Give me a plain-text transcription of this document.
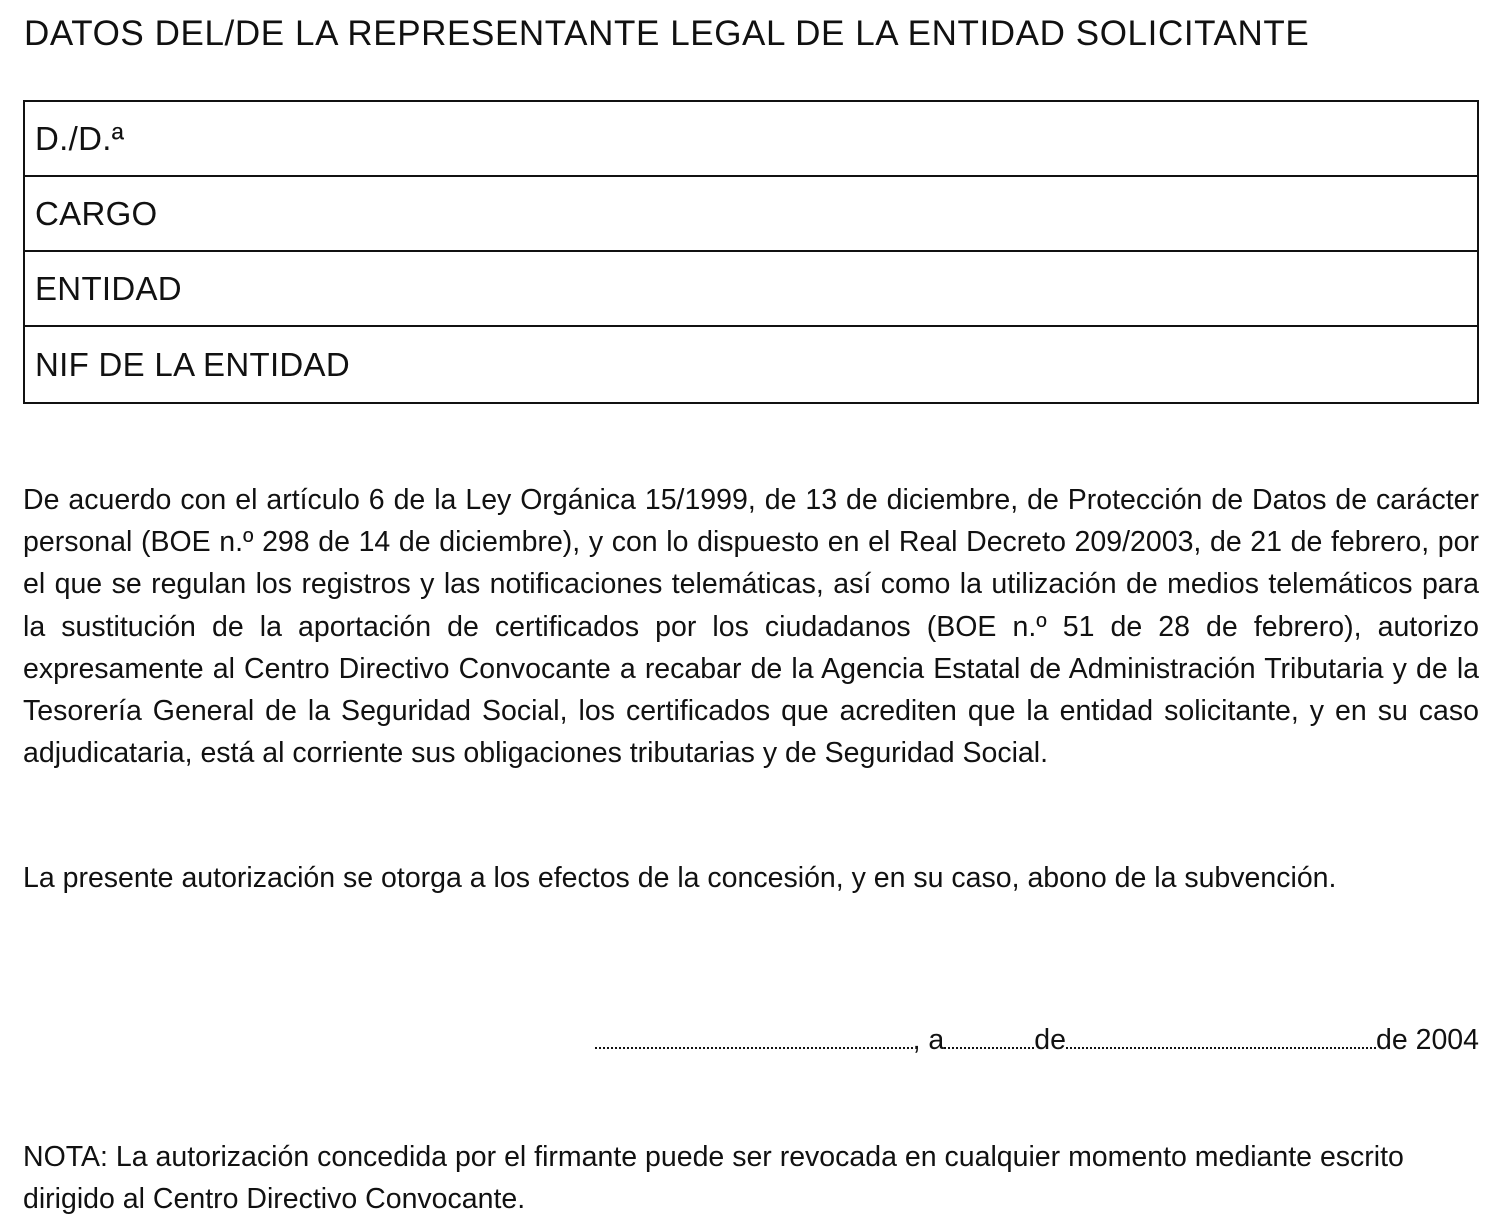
DATOS DEL/DE LA REPRESENTANTE LEGAL DE LA ENTIDAD SOLICITANTE
D./D.ª
CARGO
ENTIDAD
NIF DE LA ENTIDAD

De acuerdo con el artículo 6 de la Ley Orgánica 15/1999, de 13 de diciembre, de Protección de Datos de carácter personal (BOE n.º 298 de 14 de diciembre), y con lo dispuesto en el Real Decreto 209/2003, de 21 de febrero, por el que se regulan los registros y las notificaciones telemáticas, así como la utilización de medios telemáticos para la sustitución de la aportación de certificados por los ciudadanos (BOE n.º 51 de 28 de febrero), autorizo expresamente al Centro Directivo Convocante a recabar de la Agencia Estatal de Administración Tributaria y de la Tesorería General de la Seguridad Social, los certificados que acrediten que la entidad solicitante, y en su caso adjudicataria, está al corriente sus obligaciones tributarias y de Seguridad Social.

La presente autorización se otorga a los efectos de la concesión, y en su caso, abono de la subvención.

, a	de	de 2004

NOTA: La autorización concedida por el firmante puede ser revocada en cualquier momento mediante escrito dirigido al Centro Directivo Convocante.
